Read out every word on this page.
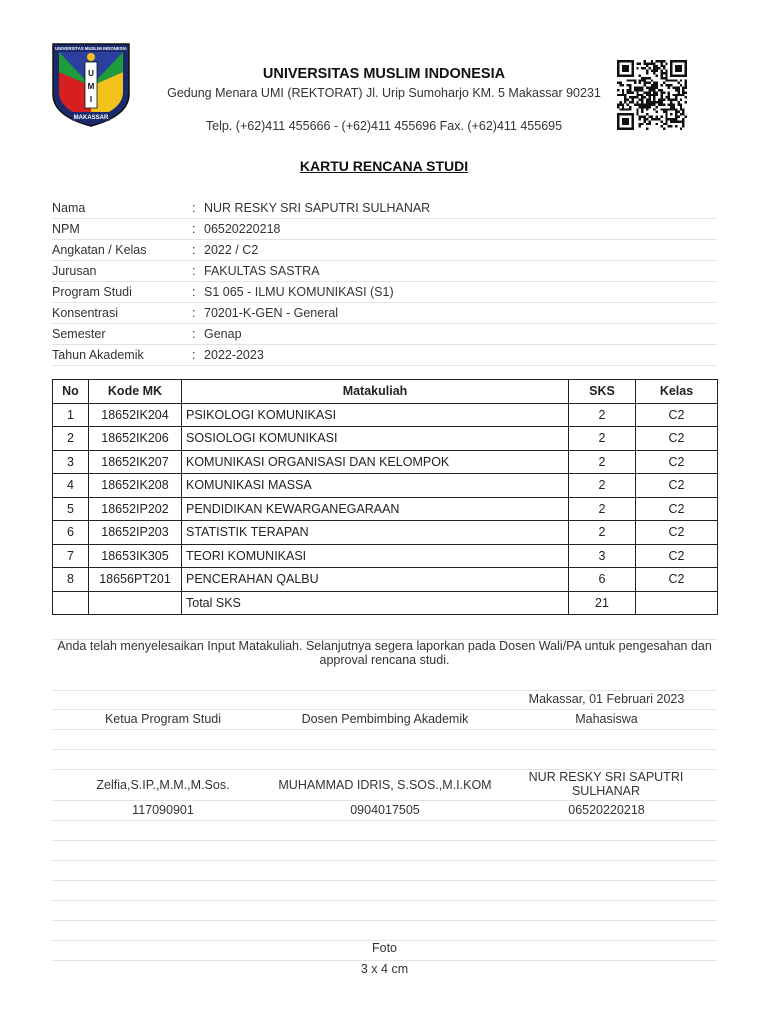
U
M
I
UNIVERSITAS MUSLIM INDONESIA
MAKASSAR
UNIVERSITAS MUSLIM INDONESIA
Gedung Menara UMI (REKTORAT) Jl. Urip Sumoharjo KM. 5 Makassar 90231
Telp. (+62)411 455666 - (+62)411 455696 Fax. (+62)411 455695
KARTU RENCANA STUDI
Nama	: NUR RESKY SRI SAPUTRI SULHANAR
NPM	: 06520220218
Angkatan / Kelas	: 2022 / C2
Jurusan	: FAKULTAS SASTRA
Program Studi	: S1 065 - ILMU KOMUNIKASI (S1)
Konsentrasi	: 70201-K-GEN - General
Semester	: Genap
Tahun Akademik	: 2022-2023
No	Kode MK	Matakuliah	SKS	Kelas
1	18652IK204	PSIKOLOGI KOMUNIKASI	2	C2
2	18652IK206	SOSIOLOGI KOMUNIKASI	2	C2
3	18652IK207	KOMUNIKASI ORGANISASI DAN KELOMPOK	2	C2
4	18652IK208	KOMUNIKASI MASSA	2	C2
5	18652IP202	PENDIDIKAN KEWARGANEGARAAN	2	C2
6	18652IP203	STATISTIK TERAPAN	2	C2
7	18653IK305	TEORI KOMUNIKASI	3	C2
8	18656PT201	PENCERAHAN QALBU	6	C2
		Total SKS	21	
Anda telah menyelesaikan Input Matakuliah. Selanjutnya segera laporkan pada Dosen Wali/PA untuk pengesahan dan approval rencana studi.
Makassar, 01 Februari 2023
Ketua Program Studi	Dosen Pembimbing Akademik	Mahasiswa
Zelfia,S.IP.,M.M.,M.Sos.	MUHAMMAD IDRIS, S.SOS.,M.I.KOM
NUR RESKY SRI SAPUTRI SULHANAR
117090901	0904017505	06520220218
Foto
3 x 4 cm
